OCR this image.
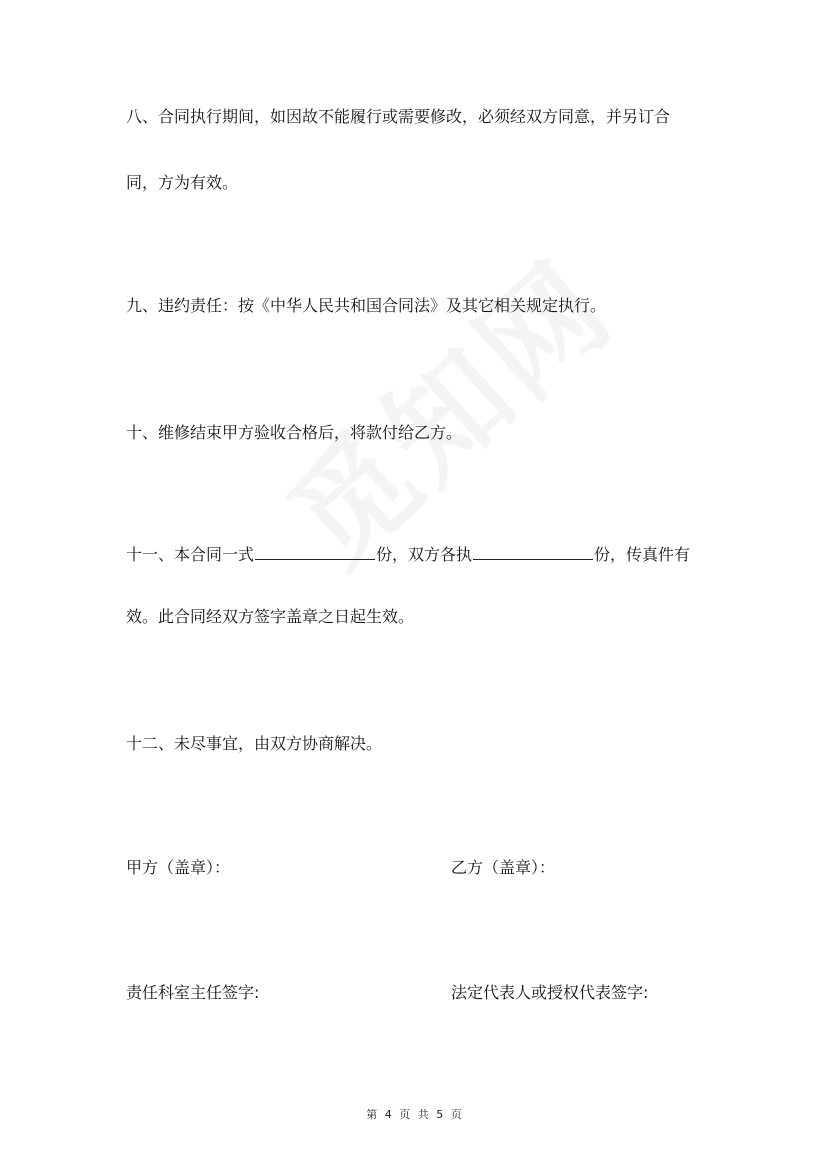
八、合同执行期间，如因故不能履行或需要修改，必须经双方同意，并另订合
同，方为有效。
九、违约责任：按《中华人民共和国合同法》及其它相关规定执行。
十、维修结束甲方验收合格后，将款付给乙方。
十一、本合同一式	份，双方各执	份，传真件有
效。此合同经双方签字盖章之日起生效。
十二、未尽事宜，由双方协商解决。
甲方（盖章）：	乙方（盖章）：
责任科室主任签字:	法定代表人或授权代表签字:
第 4 页 共 5 页
